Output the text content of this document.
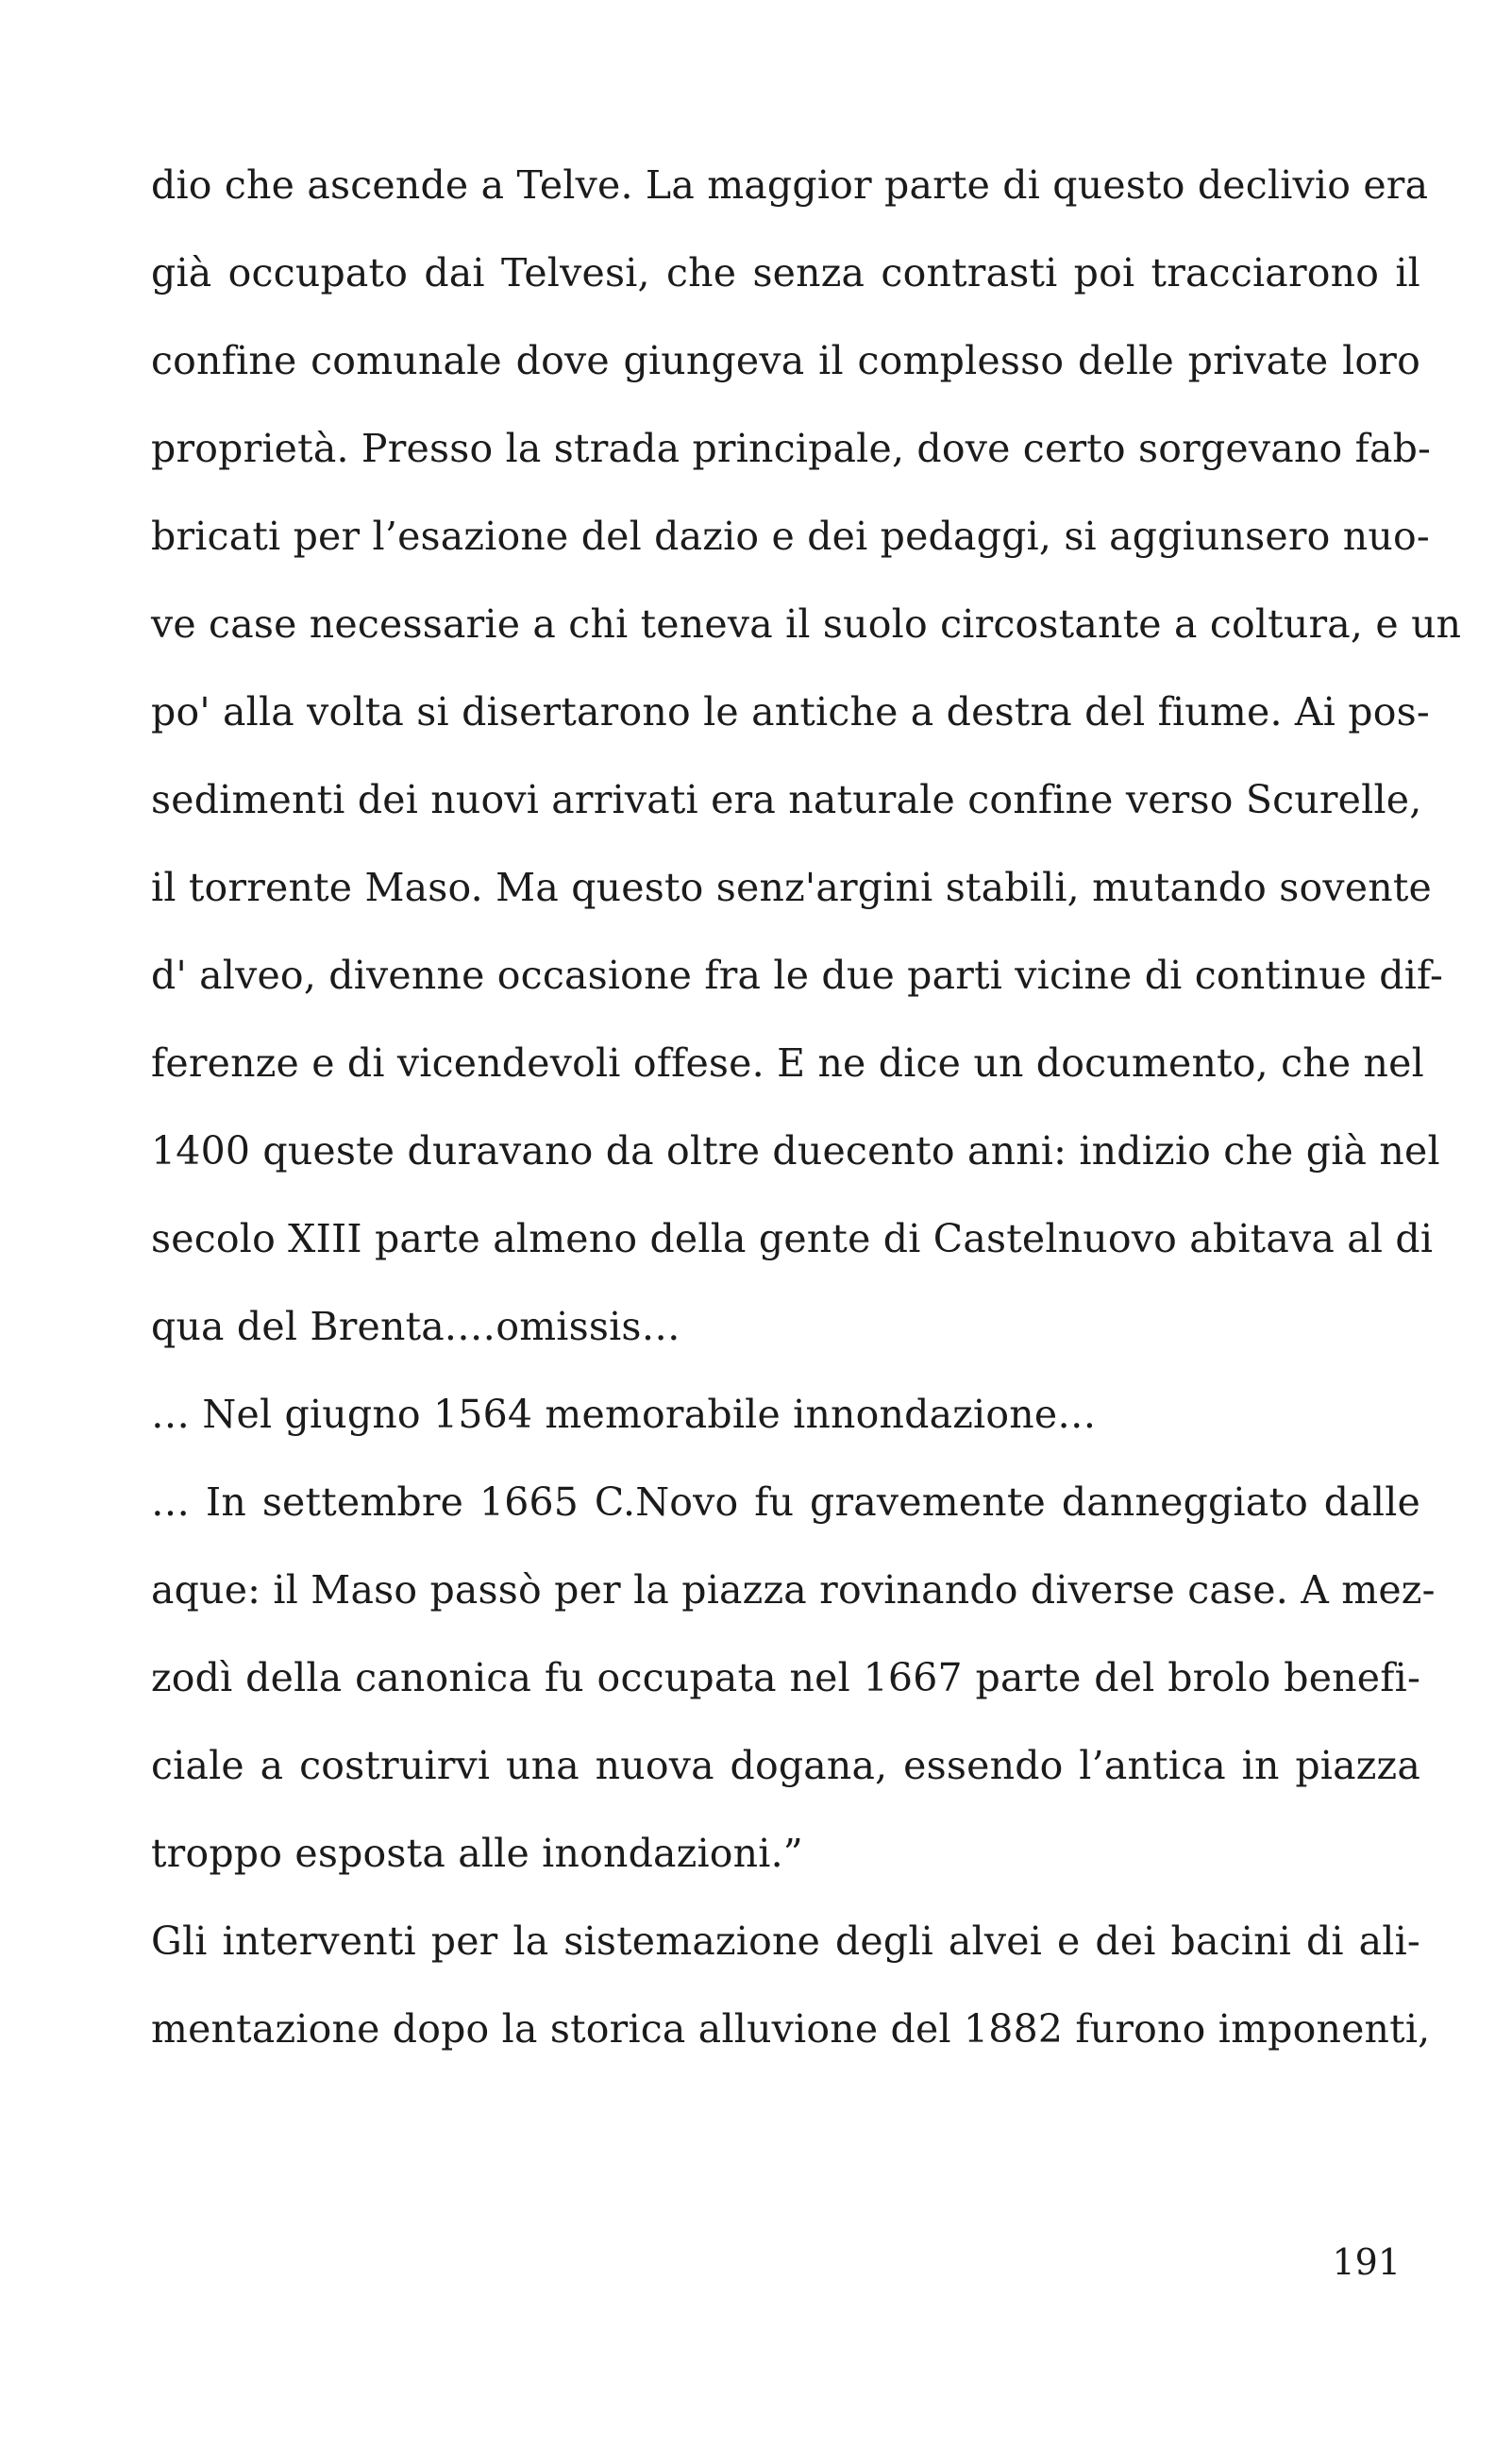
dio che ascende a Telve. La maggior parte di questo declivio era
già occupato dai Telvesi, che senza contrasti poi tracciarono il
confine comunale dove giungeva il complesso delle private loro
proprietà. Presso la strada principale, dove certo sorgevano fab-
bricati per l’esazione del dazio e dei pedaggi, si aggiunsero nuo-
ve case necessarie a chi teneva il suolo circostante a coltura, e un
po' alla volta si disertarono le antiche a destra del fiume. Ai pos-
sedimenti dei nuovi arrivati era naturale confine verso Scurelle,
il torrente Maso. Ma questo senz'argini stabili, mutando sovente
d' alveo, divenne occasione fra le due parti vicine di continue dif-
ferenze e di vicendevoli offese. E ne dice un documento, che nel
1400 queste duravano da oltre duecento anni: indizio che già nel
secolo XIII parte almeno della gente di Castelnuovo abitava al di
qua del Brenta.…omissis…
… Nel giugno 1564 memorabile innondazione…
… In settembre 1665 C.Novo fu gravemente danneggiato dalle
aque: il Maso passò per la piazza rovinando diverse case. A mez-
zodì della canonica fu occupata nel 1667 parte del brolo benefi-
ciale a costruirvi una nuova dogana, essendo l’antica in piazza
troppo esposta alle inondazioni.”
Gli interventi per la sistemazione degli alvei e dei bacini di ali-
mentazione dopo la storica alluvione del 1882 furono imponenti,
191
